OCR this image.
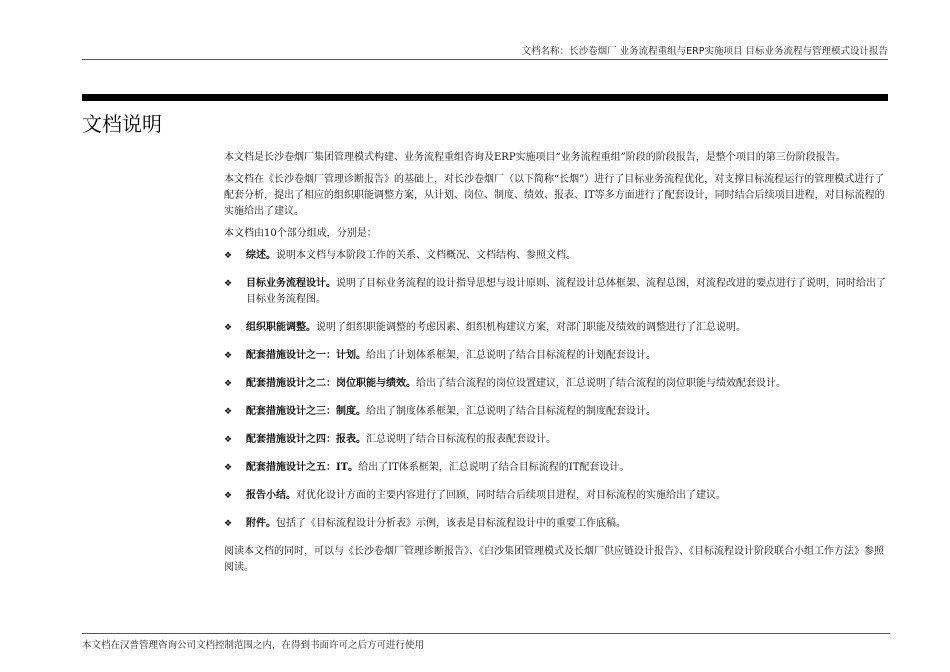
文档名称：长沙卷烟厂 业务流程重组与ERP实施项目 目标业务流程与管理模式设计报告
文档说明

本文档是长沙卷烟厂集团管理模式构建、业务流程重组咨询及ERP实施项目“业务流程重组”阶段的阶段报告，是整个项目的第三份阶段报告。

本文档在《长沙卷烟厂管理诊断报告》的基础上，对长沙卷烟厂（以下简称“长烟”）进行了目标业务流程优化，对支撑目标流程运行的管理模式进行了配套分析，提出了相应的组织职能调整方案，从计划、岗位、制度、绩效、报表、IT等多方面进行了配套设计，同时结合后续项目进程，对目标流程的实施给出了建议。

本文档由10个部分组成，分别是：

❖ 综述。说明本文档与本阶段工作的关系、文档概况、文档结构、参照文档。
❖ 目标业务流程设计。说明了目标业务流程的设计指导思想与设计原则、流程设计总体框架、流程总图，对流程改进的要点进行了说明，同时给出了目标业务流程图。
❖ 组织职能调整。说明了组织职能调整的考虑因素、组织机构建议方案，对部门职能及绩效的调整进行了汇总说明。
❖ 配套措施设计之一：计划。给出了计划体系框架，汇总说明了结合目标流程的计划配套设计。
❖ 配套措施设计之二：岗位职能与绩效。给出了结合流程的岗位设置建议，汇总说明了结合流程的岗位职能与绩效配套设计。
❖ 配套措施设计之三：制度。给出了制度体系框架，汇总说明了结合目标流程的制度配套设计。
❖ 配套措施设计之四：报表。汇总说明了结合目标流程的报表配套设计。
❖ 配套措施设计之五：IT。给出了IT体系框架，汇总说明了结合目标流程的IT配套设计。
❖ 报告小结。对优化设计方面的主要内容进行了回顾，同时结合后续项目进程，对目标流程的实施给出了建议。
❖ 附件。包括了《目标流程设计分析表》示例，该表是目标流程设计中的重要工作底稿。

阅读本文档的同时，可以与《长沙卷烟厂管理诊断报告》、《白沙集团管理模式及长烟厂供应链设计报告》、《目标流程设计阶段联合小组工作方法》参照阅读。

本文档在汉普管理咨询公司文档控制范围之内，在得到书面许可之后方可进行使用
